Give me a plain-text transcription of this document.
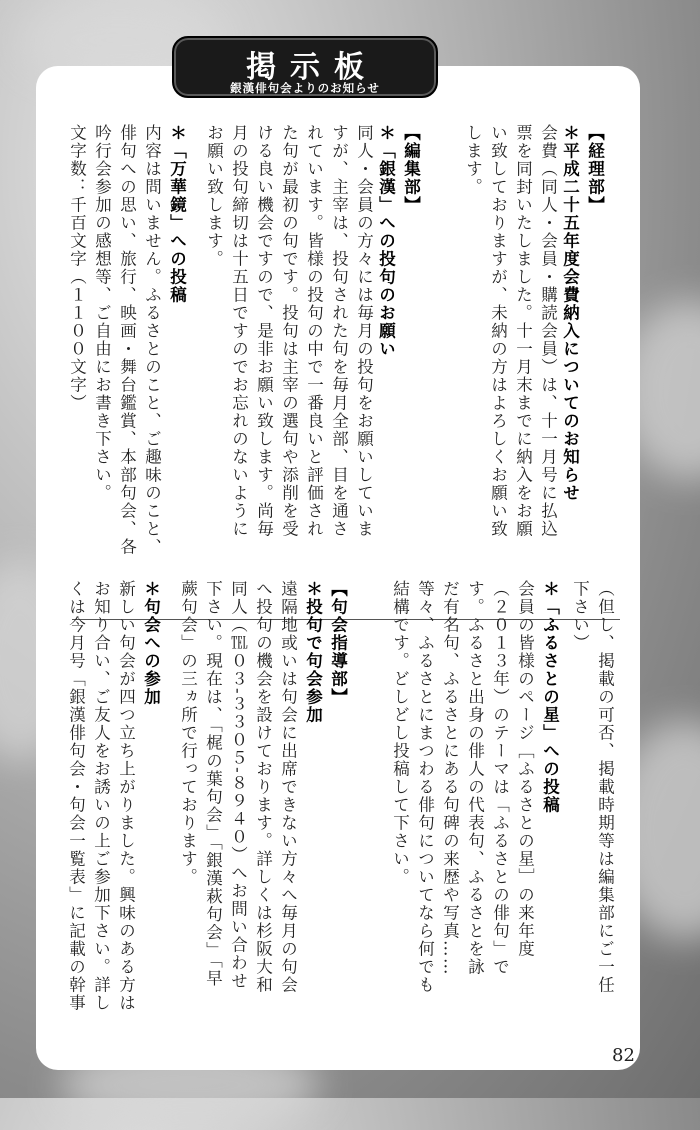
掲示板
銀漢俳句会よりのお知らせ
【経理部】
＊平成二十五年度会費納入についてのお知らせ
会費（同人・会員・購読会員）は、十一月号に払込
票を同封いたしました。十一月末までに納入をお願
い致しておりますが、未納の方はよろしくお願い致
します。
【編集部】
＊「銀漢」への投句のお願い
同人・会員の方々には毎月の投句をお願いしていま
すが、主宰は、投句された句を毎月全部、目を通さ
れています。皆様の投句の中で一番良いと評価され
た句が最初の句です。投句は主宰の選句や添削を受
ける良い機会ですので、是非お願い致します。尚毎
月の投句締切は十五日ですのでお忘れのないように
お願い致します。
＊「万華鏡」への投稿
内容は問いません。ふるさとのこと、ご趣味のこと、
俳句への思い、旅行、映画・舞台鑑賞、本部句会、各
吟行会参加の感想等、ご自由にお書き下さい。
文字数：千百文字（１１００文字）
（但し、掲載の可否、掲載時期等は編集部にご一任
下さい）
＊「ふるさとの星」への投稿
会員の皆様のページ［ふるさとの星］の来年度
（２０１３年）のテーマは「ふるさとの俳句」で
す。ふるさと出身の俳人の代表句、ふるさとを詠
だ有名句、ふるさとにある句碑の来歴や写真……
等々、ふるさとにまつわる俳句についてなら何でも
結構です。どしどし投稿して下さい。
【句会指導部】
＊投句で句会参加
遠隔地或いは句会に出席できない方々へ毎月の句会
へ投句の機会を設けております。詳しくは杉阪大和
同人（℡０３‐３３０５‐８９４０）へお問い合わせ
下さい。現在は、「梶の葉句会」「銀漢萩句会」「早
蕨句会」の三ヵ所で行っております。
＊句会への参加
新しい句会が四つ立ち上がりました。興味のある方は
お知り合い、ご友人をお誘いの上ご参加下さい。詳し
くは今月号「銀漢俳句会・句会一覧表」に記載の幹事
82
